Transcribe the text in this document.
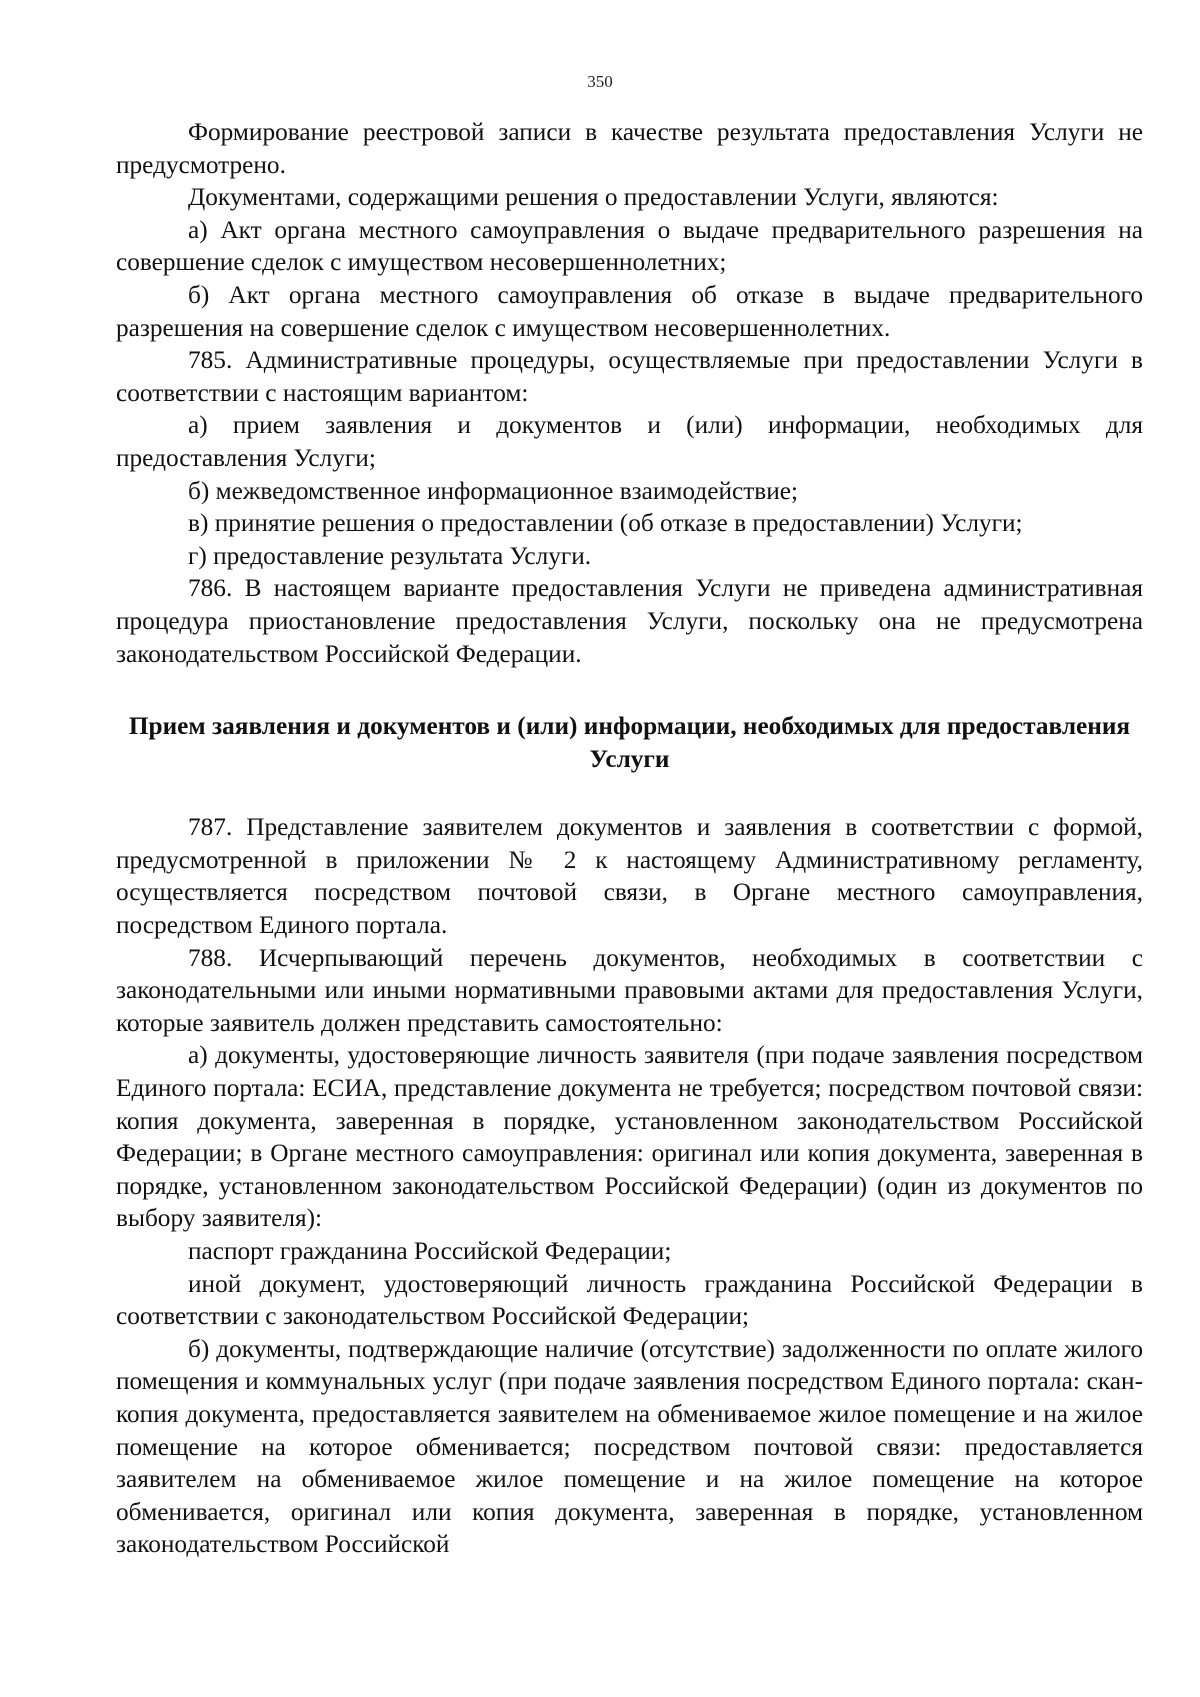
350

Формирование реестровой записи в качестве результата предоставления Услуги не предусмотрено.

Документами, содержащими решения о предоставлении Услуги, являются:

а) Акт органа местного самоуправления о выдаче предварительного разрешения на совершение сделок с имуществом несовершеннолетних;

б) Акт органа местного самоуправления об отказе в выдаче предварительного разрешения на совершение сделок с имуществом несовершеннолетних.

785. Административные процедуры, осуществляемые при предоставлении Услуги в соответствии с настоящим вариантом:

а) прием заявления и документов и (или) информации, необходимых для предоставления Услуги;

б) межведомственное информационное взаимодействие;

в) принятие решения о предоставлении (об отказе в предоставлении) Услуги;

г) предоставление результата Услуги.

786. В настоящем варианте предоставления Услуги не приведена административная процедура приостановление предоставления Услуги, поскольку она не предусмотрена законодательством Российской Федерации.

Прием заявления и документов и (или) информации, необходимых для предоставления Услуги

787. Представление заявителем документов и заявления в соответствии с формой, предусмотренной в приложении № 2 к настоящему Административному регламенту, осуществляется посредством почтовой связи, в Органе местного самоуправления, посредством Единого портала.

788. Исчерпывающий перечень документов, необходимых в соответствии с законодательными или иными нормативными правовыми актами для предоставления Услуги, которые заявитель должен представить самостоятельно:

а) документы, удостоверяющие личность заявителя (при подаче заявления посредством Единого портала: ЕСИА, представление документа не требуется; посредством почтовой связи: копия документа, заверенная в порядке, установленном законодательством Российской Федерации; в Органе местного самоуправления: оригинал или копия документа, заверенная в порядке, установленном законодательством Российской Федерации) (один из документов по выбору заявителя):

паспорт гражданина Российской Федерации;

иной документ, удостоверяющий личность гражданина Российской Федерации в соответствии с законодательством Российской Федерации;

б) документы, подтверждающие наличие (отсутствие) задолженности по оплате жилого помещения и коммунальных услуг (при подаче заявления посредством Единого портала: скан-копия документа, предоставляется заявителем на обмениваемое жилое помещение и на жилое помещение на которое обменивается; посредством почтовой связи: предоставляется заявителем на обмениваемое жилое помещение и на жилое помещение на которое обменивается, оригинал или копия документа, заверенная в порядке, установленном законодательством Российской
